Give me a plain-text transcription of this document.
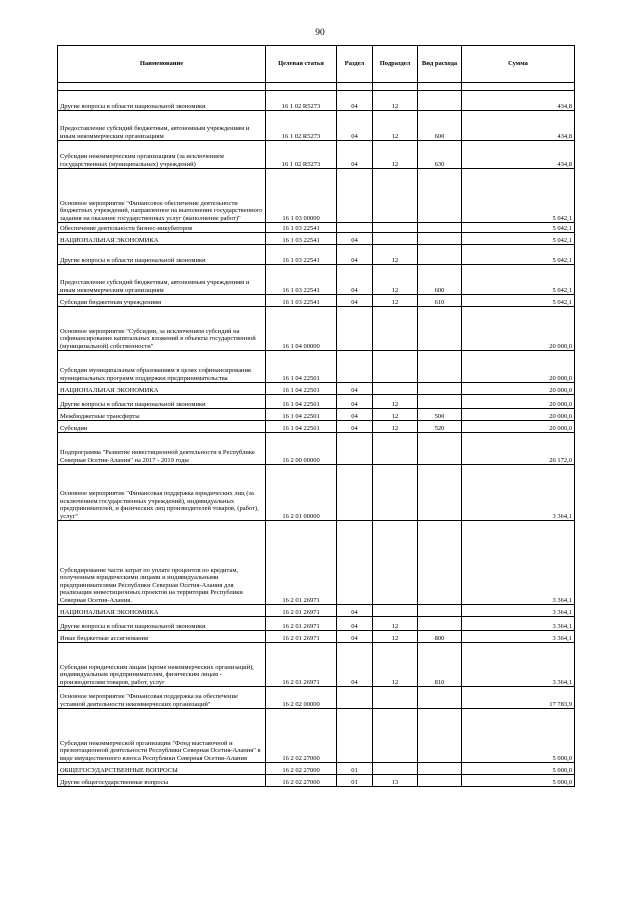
90
Наименование	Целевая статья	Раздел	Подраздел	Вид расхода	Сумма

Другие вопросы в области национальной экономики	16 1 02 R5273	04	12		434,8
Предоставление субсидий бюджетным, автономным учреждениям и иным некоммерческим организациям	16 1 02 R5273	04	12	600	434,8
Субсидии некоммерческим организациям (за исключением государственных (муниципальных) учреждений)	16 1 02 R5273	04	12	630	434,8
Основное мероприятие "Финансовое обеспечение деятельности бюджетных учреждений, направленное на выполнение государственного задания на оказание государственных услуг (выполнение работ)"	16 1 03 00000				5 042,1
Обеспечение деятельности бизнес-инкубаторов	16 1 03 22541				5 042,1
НАЦИОНАЛЬНАЯ ЭКОНОМИКА	16 1 03 22541	04			5 042,1
Другие вопросы в области национальной экономики	16 1 03 22541	04	12		5 042,1
Предоставление субсидий бюджетным, автономным учреждениям и иным некоммерческим организациям	16 1 03 22541	04	12	600	5 042,1
Субсидии бюджетным учреждениям	16 1 03 22541	04	12	610	5 042,1
Основное мероприятие "Субсидии, за исключением субсидий на софинансирование капитальных вложений в объекты государственной (муниципальной) собственности"	16 1 04 00000				20 000,0
Субсидии муниципальным образованиям в целях софинансирования муниципальных программ поддержки предпринимательства	16 1 04 22501				20 000,0
НАЦИОНАЛЬНАЯ ЭКОНОМИКА	16 1 04 22501	04			20 000,0
Другие вопросы в области национальной экономики	16 1 04 22501	04	12		20 000,0
Межбюджетные трансферты	16 1 04 22501	04	12	500	20 000,0
Субсидии	16 1 04 22501	04	12	520	20 000,0
Подпрограмма "Развитие инвестиционной деятельности в Республике Северная Осетия-Алания" на 2017 - 2019 годы	16 2 00 00000				26 172,0
Основное мероприятие "Финансовая поддержка юридических лиц (за исключением государственных учреждений), индивидуальных предпринимателей, и физических лиц производителей товаров, (работ), услуг"	16 2 01 00000				3 364,1
Субсидирование части затрат по уплате процентов по кредитам, полученным юридическими лицами и индивидуальными предпринимателями Республики Северная Осетия-Алания для реализации инвестиционных проектов на территории Республики Северная Осетия-Алания.	16 2 01 26971				3 364,1
НАЦИОНАЛЬНАЯ ЭКОНОМИКА	16 2 01 26971	04			3 364,1
Другие вопросы в области национальной экономики	16 2 01 26971	04	12		3 364,1
Иные бюджетные ассигнования	16 2 01 26971	04	12	800	3 364,1
Субсидии юридическим лицам (кроме некоммерческих организаций), индивидуальным предпринимателям, физическим лицам - производителям товаров, работ, услуг	16 2 01 26971	04	12	810	3 364,1
Основное мероприятие "Финансовая поддержка на обеспечение уставной деятельности некоммерческих организаций"	16 2 02 00000				17 783,9
Субсидии некоммерческой организации "Фонд выставочной и презентационной деятельности Республики Северная Осетия-Алания" в виде имущественного взноса Республики Северная Осетия-Алания	16 2 02 27000				5 000,0
ОБЩЕГОСУДАРСТВЕННЫЕ ВОПРОСЫ	16 2 02 27000	01			5 000,0
Другие общегосударственные вопросы	16 2 02 27000	01	13		5 000,0
